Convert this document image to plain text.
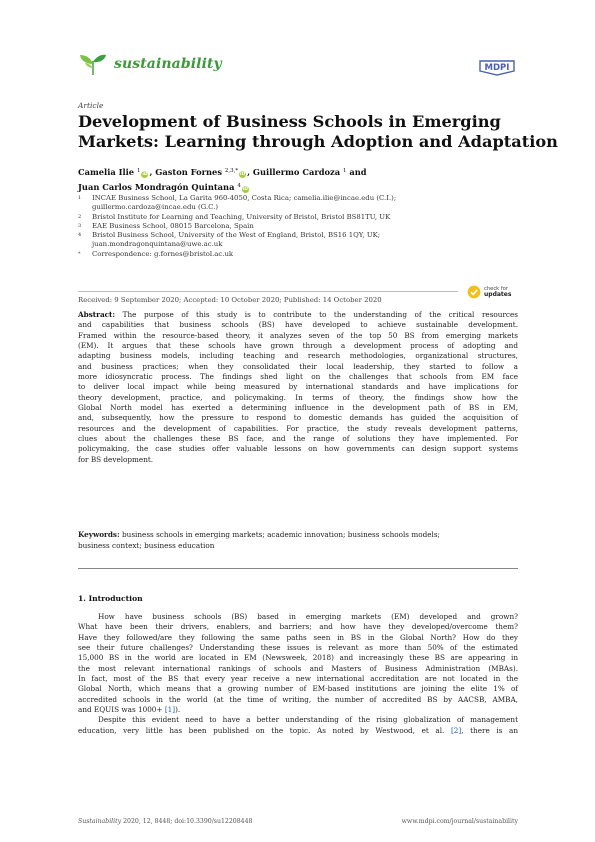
sustainability	MDPI
Article
Development of Business Schools in Emerging
Markets: Learning through Adoption and Adaptation
Camelia Ilie $^1$iD , Gaston Fornes $^{2,3,*}$iD , Guillermo Cardoza $^1$ and
Juan Carlos Mondragón Quintana $^4$iD
1	INCAE Business School, La Garita 960-4050, Costa Rica; camelia.ilie@incae.edu (C.I.);
guillermo.cardoza@incae.edu (G.C.)
2	Bristol Institute for Learning and Teaching, University of Bristol, Bristol BS81TU, UK
3	EAE Business School, 08015 Barcelona, Spain
4	Bristol Business School, University of the West of England, Bristol, BS16 1QY, UK;
juan.mondragonquintana@uwe.ac.uk
*	Correspondence: g.fornes@bristol.ac.uk
check for
updates
Received: 9 September 2020; Accepted: 10 October 2020; Published: 14 October 2020
Abstract: The purpose of this study is to contribute to the understanding of the critical resources
and capabilities that business schools (BS) have developed to achieve sustainable development.
Framed within the resource-based theory, it analyzes seven of the top 50 BS from emerging markets
(EM). It argues that these schools have grown through a development process of adopting and
adapting business models, including teaching and research methodologies, organizational structures,
and business practices; when they consolidated their local leadership, they started to follow a
more idiosyncratic process. The findings shed light on the challenges that schools from EM face
to deliver local impact while being measured by international standards and have implications for
theory development, practice, and policymaking. In terms of theory, the findings show how the
Global North model has exerted a determining influence in the development path of BS in EM,
and, subsequently, how the pressure to respond to domestic demands has guided the acquisition of
resources and the development of capabilities. For practice, the study reveals development patterns,
clues about the challenges these BS face, and the range of solutions they have implemented. For
policymaking, the case studies offer valuable lessons on how governments can design support systems
for BS development.
Keywords: business schools in emerging markets; academic innovation; business schools models;
business context; business education
1. Introduction
How have business schools (BS) based in emerging markets (EM) developed and grown?
What have been their drivers, enablers, and barriers; and how have they developed/overcome them?
Have they followed/are they following the same paths seen in BS in the Global North? How do they
see their future challenges? Understanding these issues is relevant as more than 50% of the estimated
15,000 BS in the world are located in EM (Newsweek, 2018) and increasingly these BS are appearing in
the most relevant international rankings of schools and Masters of Business Administration (MBAs).
In fact, most of the BS that every year receive a new international accreditation are not located in the
Global North, which means that a growing number of EM-based institutions are joining the elite 1% of
accredited schools in the world (at the time of writing, the number of accredited BS by AACSB, AMBA,
and EQUIS was 1000+ [1]).
Despite this evident need to have a better understanding of the rising globalization of management
education, very little has been published on the topic. As noted by Westwood, et al. [2], there is an
Sustainability 2020, 12, 8448; doi:10.3390/su12208448	www.mdpi.com/journal/sustainability
